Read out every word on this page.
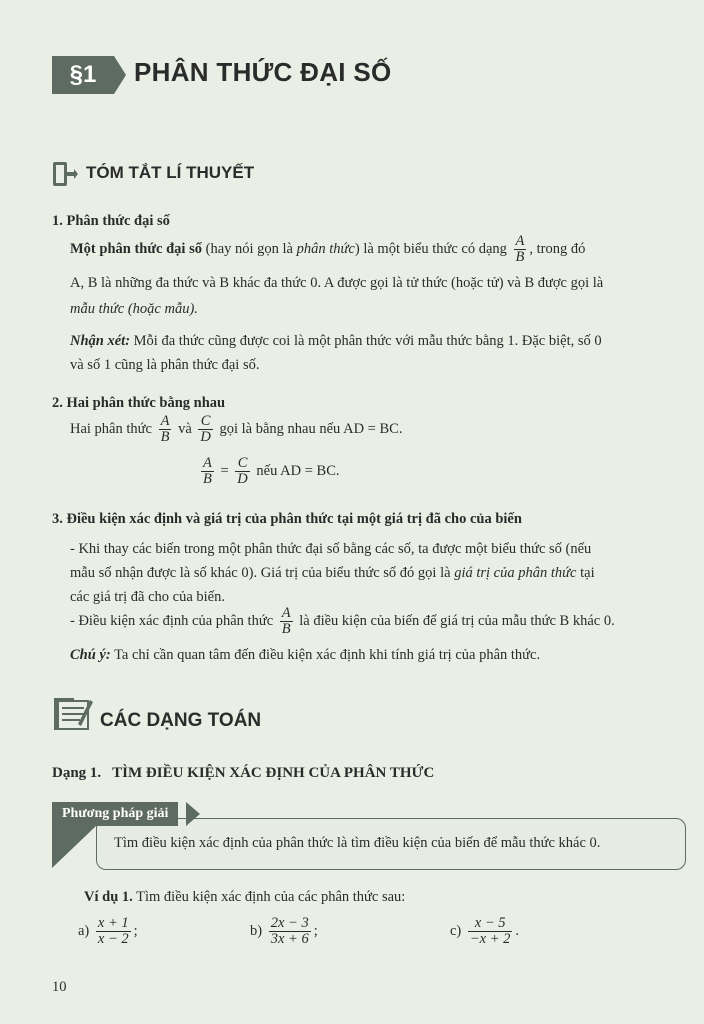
§1	PHÂN THỨC ĐẠI SỐ
TÓM TẮT LÍ THUYẾT
1. Phân thức đại số
Một phân thức đại số (hay nói gọn là phân thức) là một biểu thức có dạng $\frac{A}{B}$ , trong đó
A, B là những đa thức và B khác đa thức 0. A được gọi là tử thức (hoặc tử) và B được gọi là
mẫu thức (hoặc mẫu).
Nhận xét: Mỗi đa thức cũng được coi là một phân thức với mẫu thức bằng 1. Đặc biệt, số 0
và số 1 cũng là phân thức đại số.
2. Hai phân thức bằng nhau
Hai phân thức $\frac{A}{B}$ và $\frac{C}{D}$ gọi là bằng nhau nếu AD = BC.
$\frac{A}{B} = \frac{C}{D}$ nếu AD = BC.
3. Điều kiện xác định và giá trị của phân thức tại một giá trị đã cho của biến
- Khi thay các biến trong một phân thức đại số bằng các số, ta được một biểu thức số (nếu
mẫu số nhận được là số khác 0). Giá trị của biểu thức số đó gọi là giá trị của phân thức tại
các giá trị đã cho của biến.
- Điều kiện xác định của phân thức $\frac{A}{B}$ là điều kiện của biến để giá trị của mẫu thức B khác 0.
Chú ý: Ta chỉ cần quan tâm đến điều kiện xác định khi tính giá trị của phân thức.
CÁC DẠNG TOÁN
Dạng 1. TÌM ĐIỀU KIỆN XÁC ĐỊNH CỦA PHÂN THỨC
Phương pháp giải
Tìm điều kiện xác định của phân thức là tìm điều kiện của biến để mẫu thức khác 0.
Ví dụ 1. Tìm điều kiện xác định của các phân thức sau:
$a) \frac{x + 1}{x - 2}$ ;	$b) \frac{2x - 3}{3x + 6}$ ;	$c) \frac{x - 5}{-x + 2}$ .
10
